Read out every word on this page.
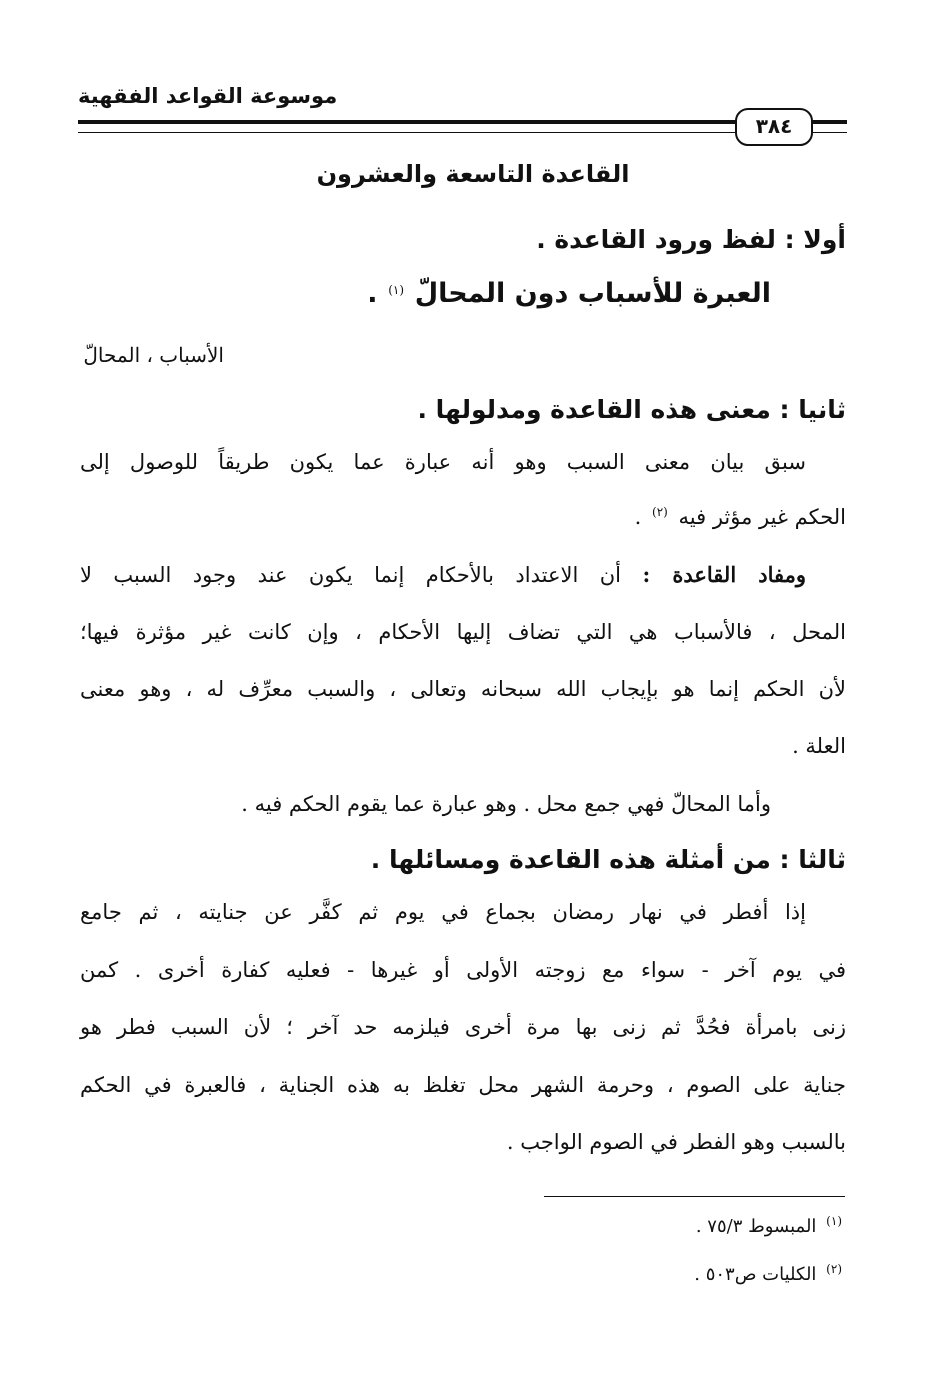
موسوعة القواعد الفقهية
٣٨٤
القاعدة التاسعة والعشرون
أولا : لفظ ورود القاعدة .
العبرة للأسباب دون المحالّ $^{(١)}$ .
الأسباب ، المحالّ
ثانيا : معنى هذه القاعدة ومدلولها .
سبق بيان معنى السبب وهو أنه عبارة عما يكون طريقاً للوصول إلى
الحكم غير مؤثر فيه $^{(٢)}$ .
ومفاد القاعدة : أن الاعتداد بالأحكام إنما يكون عند وجود السبب لا
المحل ، فالأسباب هي التي تضاف إليها الأحكام ، وإن كانت غير مؤثرة فيها؛
لأن الحكم إنما هو بإيجاب الله سبحانه وتعالى ، والسبب معرِّف له ، وهو معنى
العلة .
وأما المحالّ فهي جمع محل . وهو عبارة عما يقوم الحكم فيه .
ثالثا : من أمثلة هذه القاعدة ومسائلها .
إذا أفطر في نهار رمضان بجماع في يوم ثم كفَّر عن جنايته ، ثم جامع
في يوم آخر - سواء مع زوجته الأولى أو غيرها - فعليه كفارة أخرى . كمن
زنى بامرأة فحُدَّ ثم زنى بها مرة أخرى فيلزمه حد آخر ؛ لأن السبب فطر هو
جناية على الصوم ، وحرمة الشهر محل تغلظ به هذه الجناية ، فالعبرة في الحكم
بالسبب وهو الفطر في الصوم الواجب .
$^{(١)}$ المبسوط ٧٥/٣ .
$^{(٢)}$ الكليات ص٥٠٣ .
